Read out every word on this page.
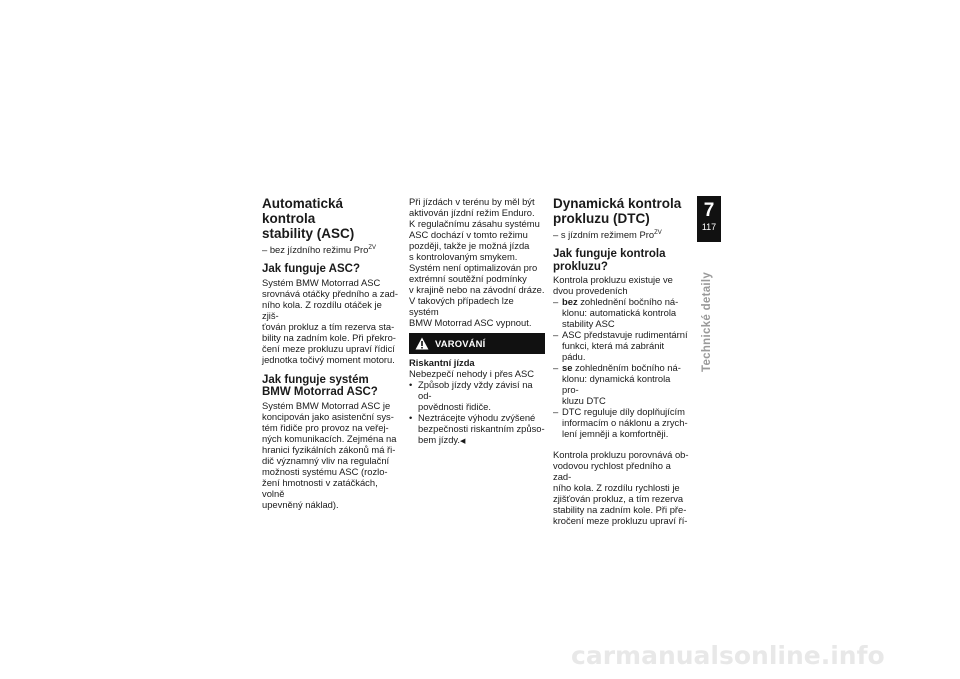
Automatická kontrola
stability (ASC)
– bez jízdního režimu Pro$^{ZV}$
Jak funguje ASC?

Systém BMW Motorrad ASC
srovnává otáčky předního a zad-
ního kola. Z rozdílu otáček je zjiš-
ťován prokluz a tím rezerva sta-
bility na zadním kole. Při překro-
čení meze prokluzu upraví řídicí
jednotka točivý moment motoru.

Jak funguje systém
BMW Motorrad ASC?

Systém BMW Motorrad ASC je
koncipován jako asistenční sys-
tém řidiče pro provoz na veřej-
ných komunikacích. Zejména na
hranici fyzikálních zákonů má ři-
dič významný vliv na regulační
možnosti systému ASC (rozlo-
žení hmotnosti v zatáčkách, volně
upevněný náklad).

Při jízdách v terénu by měl být
aktivován jízdní režim Enduro.
K regulačnímu zásahu systému
ASC dochází v tomto režimu
později, takže je možná jízda
s kontrolovaným smykem.
Systém není optimalizován pro
extrémní soutěžní podmínky
v krajině nebo na závodní dráze.
V takových případech lze systém
BMW Motorrad ASC vypnout.

VAROVÁNÍ
Riskantní jízda

Nebezpečí nehody i přes ASC

• Způsob jízdy vždy závisí na od-
povědnosti řidiče.
• Neztrácejte výhodu zvýšené
bezpečnosti riskantním způso-
bem jízdy.◀
Dynamická kontrola
prokluzu (DTC)
– s jízdním režimem Pro$^{ZV}$
Jak funguje kontrola
prokluzu?

Kontrola prokluzu existuje ve
dvou provedeních

– bez zohlednění bočního ná-
klonu: automatická kontrola
stability ASC
– ASC představuje rudimentární
funkci, která má zabránit pádu.
– se zohledněním bočního ná-
klonu: dynamická kontrola pro-
kluzu DTC
– DTC reguluje díly doplňujícím
informacím o náklonu a zrych-
lení jemněji a komfortněji.

Kontrola prokluzu porovnává ob-
vodovou rychlost předního a zad-
ního kola. Z rozdílu rychlosti je
zjišťován prokluz, a tím rezerva
stability na zadním kole. Při pře-
kročení meze prokluzu upraví ří-

7
117
Technické detaily
carmanualsonline.info
